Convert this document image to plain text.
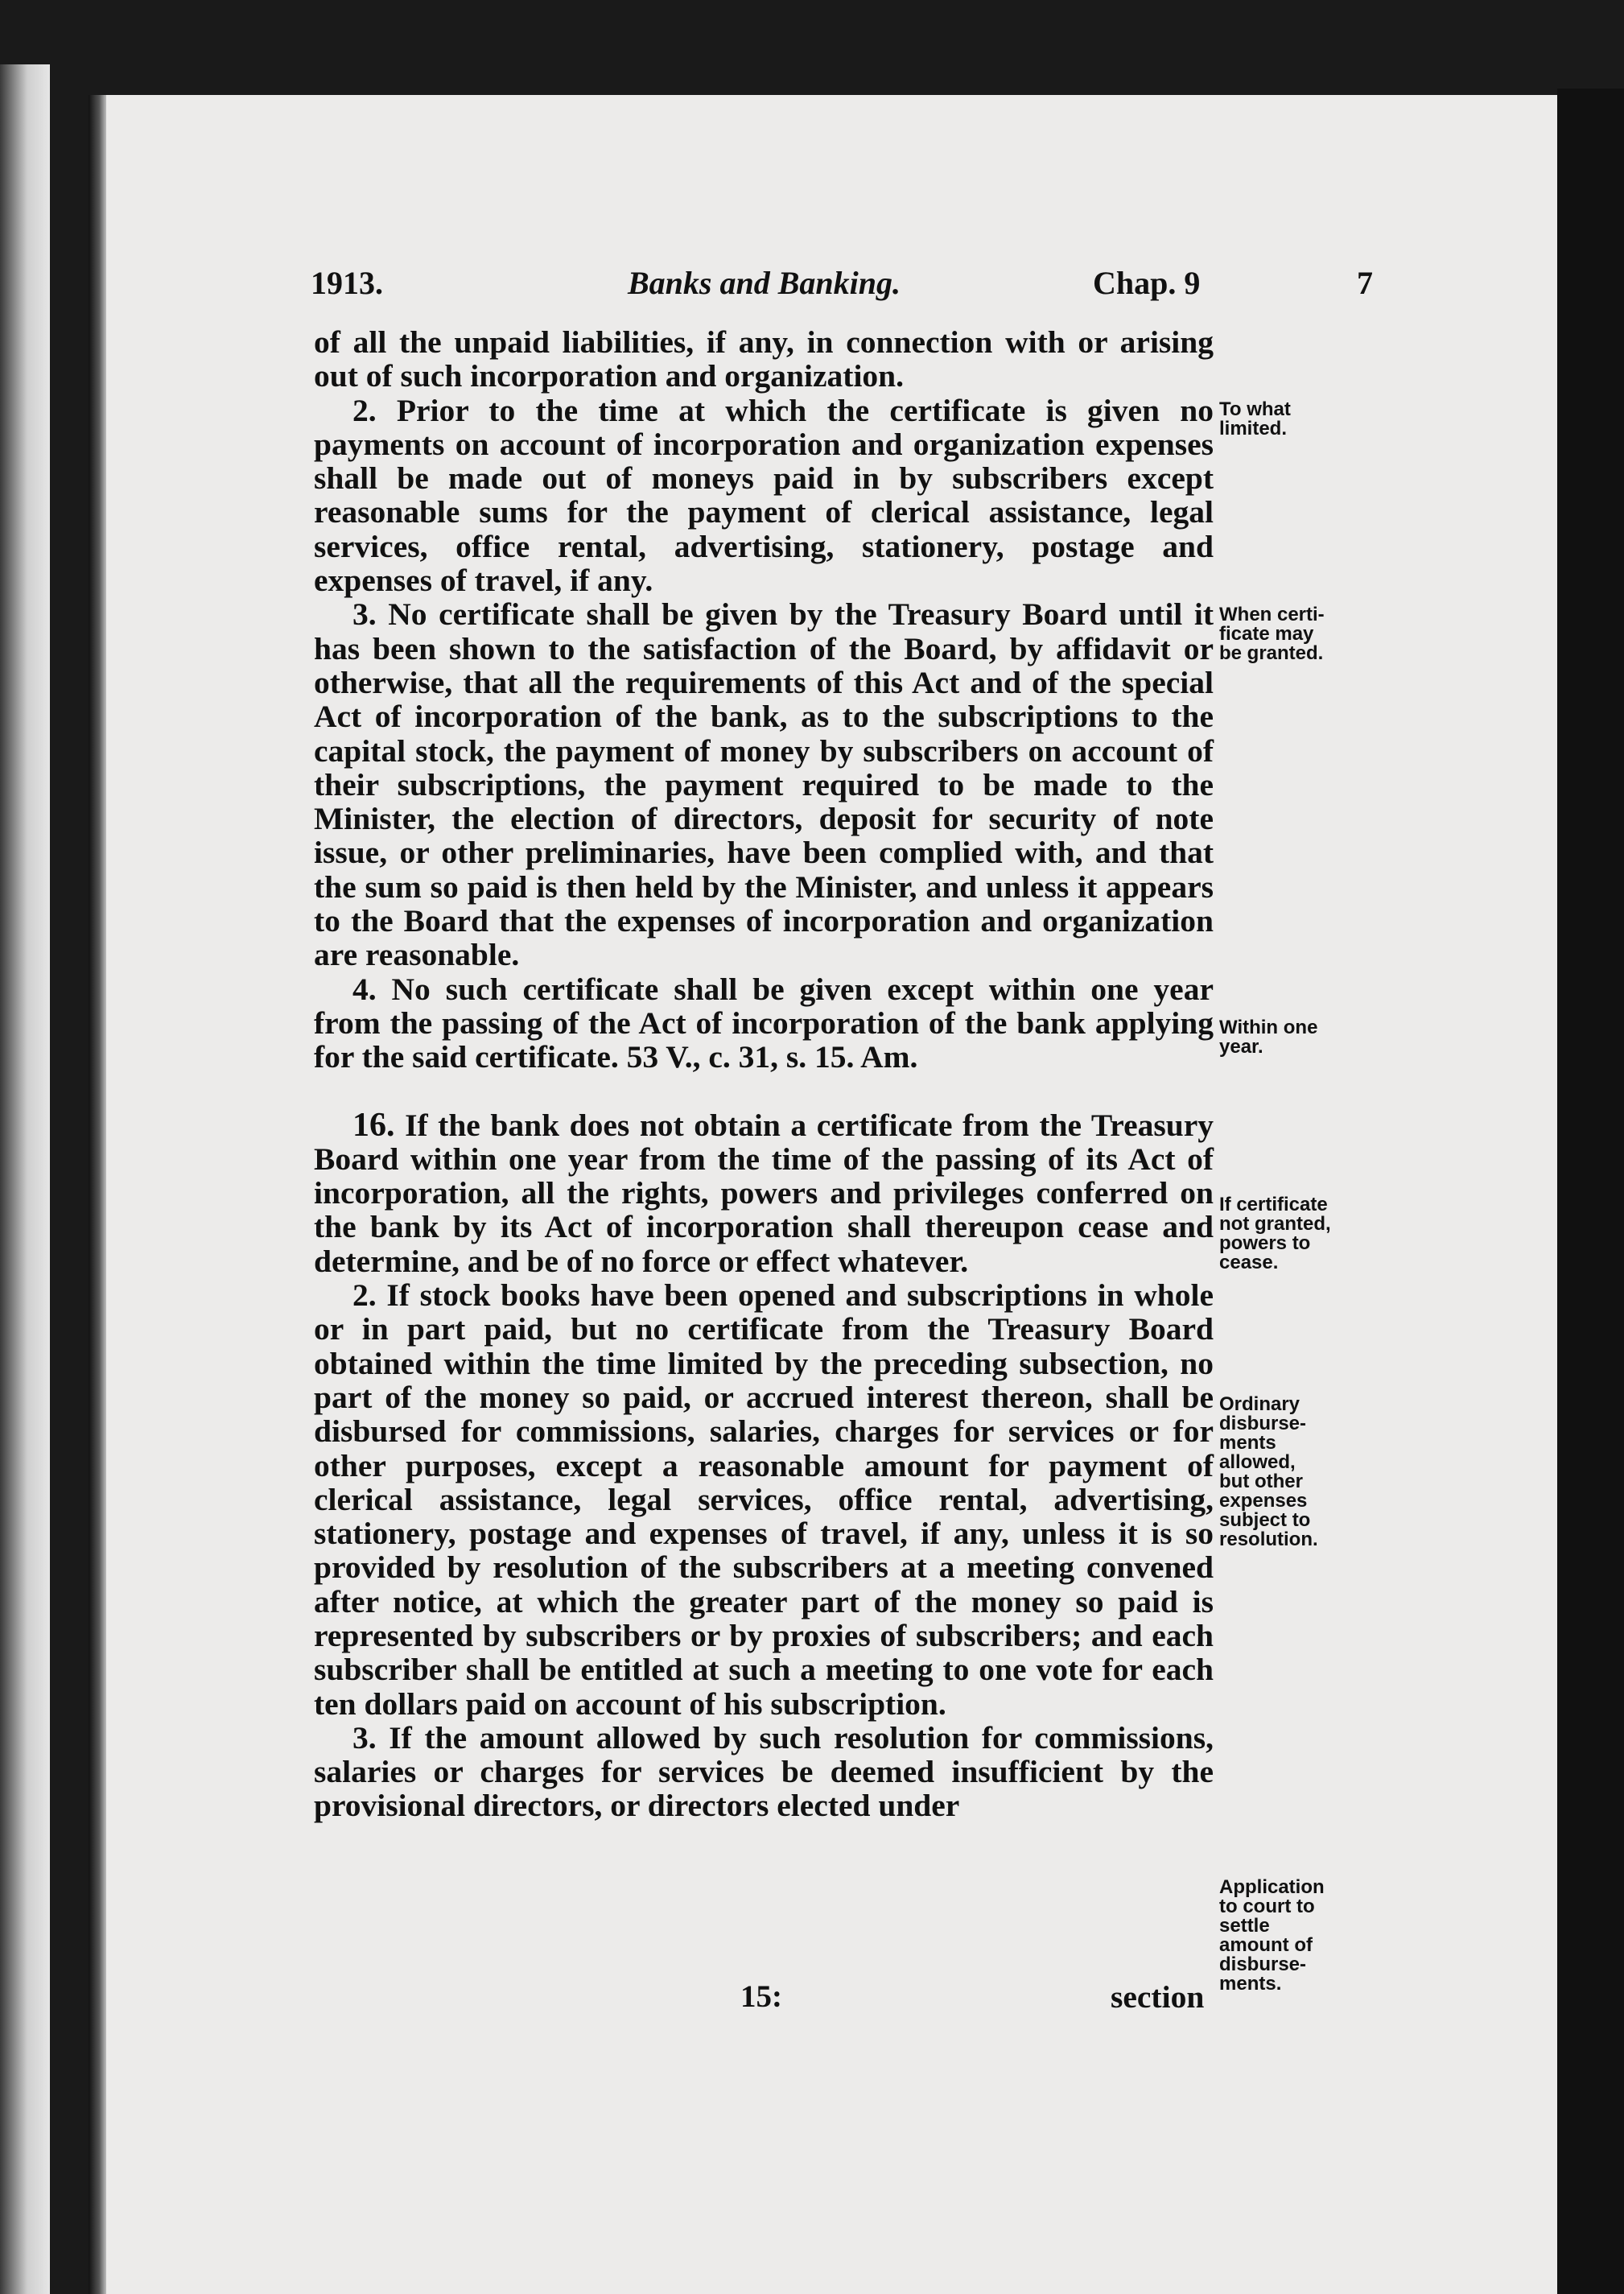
1913.	Banks and Banking.	Chap. 9	7

of all the unpaid liabilities, if any, in connection with or arising out of such incorporation and organization.

2. Prior to the time at which the certificate is given no payments on account of incorporation and organization expenses shall be made out of moneys paid in by subscribers except reasonable sums for the payment of clerical assistance, legal services, office rental, advertising, stationery, postage and expenses of travel, if any.

3. No certificate shall be given by the Treasury Board until it has been shown to the satisfaction of the Board, by affidavit or otherwise, that all the requirements of this Act and of the special Act of incorporation of the bank, as to the subscriptions to the capital stock, the payment of money by subscribers on account of their subscriptions, the payment required to be made to the Minister, the election of directors, deposit for security of note issue, or other preliminaries, have been complied with, and that the sum so paid is then held by the Minister, and unless it appears to the Board that the expenses of incorporation and organization are reasonable.

4. No such certificate shall be given except within one year from the passing of the Act of incorporation of the bank applying for the said certificate. 53 V., c. 31, s. 15. Am.

16. If the bank does not obtain a certificate from the Treasury Board within one year from the time of the passing of its Act of incorporation, all the rights, powers and privileges conferred on the bank by its Act of incorporation shall thereupon cease and determine, and be of no force or effect whatever.

2. If stock books have been opened and subscriptions in whole or in part paid, but no certificate from the Treasury Board obtained within the time limited by the preceding subsection, no part of the money so paid, or accrued interest thereon, shall be disbursed for commissions, salaries, charges for services or for other purposes, except a reasonable amount for payment of clerical assistance, legal services, office rental, advertising, stationery, postage and expenses of travel, if any, unless it is so provided by resolution of the subscribers at a meeting convened after notice, at which the greater part of the money so paid is represented by subscribers or by proxies of subscribers; and each subscriber shall be entitled at such a meeting to one vote for each ten dollars paid on account of his subscription.

3. If the amount allowed by such resolution for commissions, salaries or charges for services be deemed insufficient by the provisional directors, or directors elected under

To what
limited.
When certi-
ficate may
be granted.
Within one
year.
If certificate
not granted,
powers to
cease.
Ordinary
disburse-
ments
allowed,
but other
expenses
subject to
resolution.
Application
to court to
settle
amount of
disburse-
ments.
15:	section
